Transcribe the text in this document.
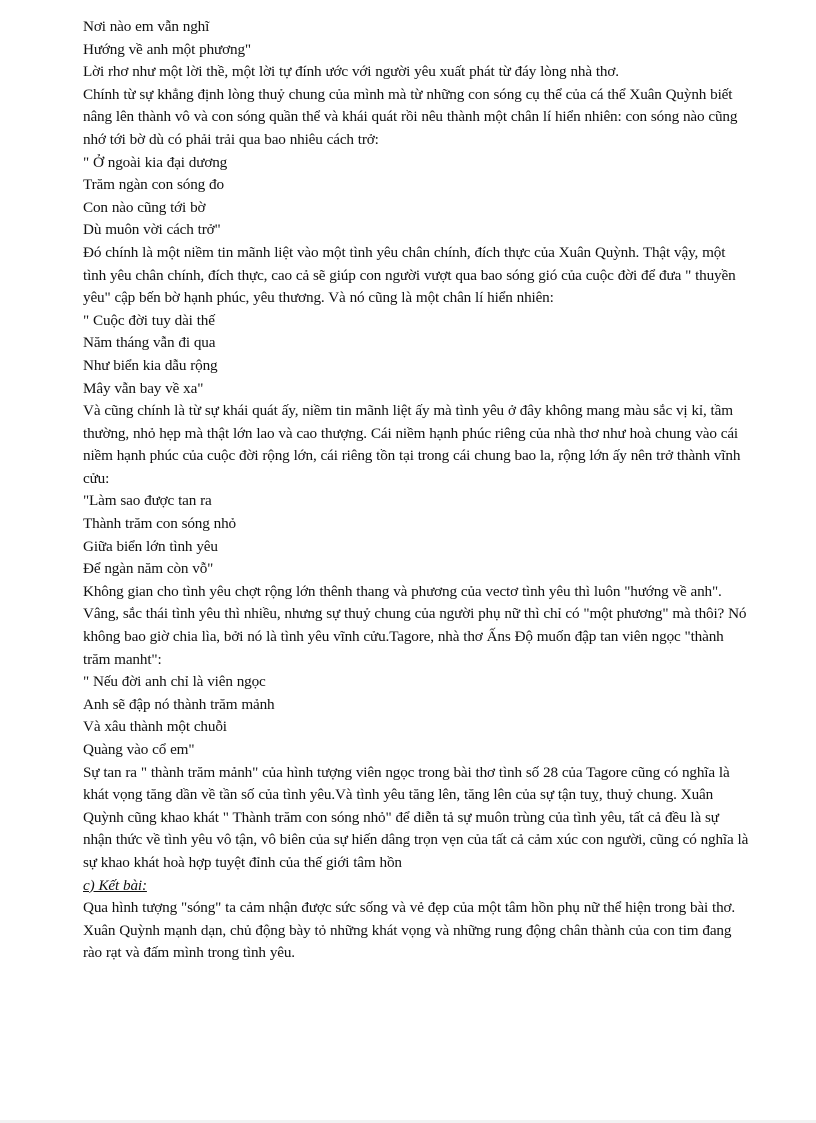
Nơi nào em vẫn nghĩ
Hướng về anh một phương"
Lời rhơ như một lời thề, một lời tự đính ước với người yêu xuất phát từ đáy lòng nhà thơ.
Chính từ sự khẳng định lòng thuỷ chung của mình mà từ những con sóng cụ thể của cá thể Xuân Quỳnh biết nâng lên thành vô và con sóng quần thể và khái quát rồi nêu thành một chân lí hiển nhiên: con sóng nào cũng nhớ tới bờ dù có phải trải qua bao nhiêu cách trở:
" Ở ngoài kia đại dương
Trăm ngàn con sóng đo
Con nào cũng tới bờ
Dù muôn vời cách trở"
Đó chính là một niềm tin mãnh liệt vào một tình yêu chân chính, đích thực của Xuân Quỳnh. Thật vậy, một tình yêu chân chính, đích thực, cao cả sẽ giúp con người vượt qua bao sóng gió của cuộc đời để đưa " thuyền yêu" cập bến bờ hạnh phúc, yêu thương. Và nó cũng là một chân lí hiển nhiên:
" Cuộc đời tuy dài thế
Năm tháng vẫn đi qua
Như biển kia dẫu rộng
Mây vẫn bay về xa"
Và cũng chính là từ sự khái quát ấy, niềm tin mãnh liệt ấy mà tình yêu ở đây không mang màu sắc vị kỉ, tầm thường, nhỏ hẹp mà thật lớn lao và cao thượng. Cái niềm hạnh phúc riêng của nhà thơ như hoà chung vào cái niềm hạnh phúc của cuộc đời rộng lớn, cái riêng tồn tại trong cái chung bao la, rộng lớn ấy nên trở thành vĩnh cửu:
"Làm sao được tan ra
Thành trăm con sóng nhỏ
Giữa biển lớn tình yêu
Để ngàn năm còn vỗ"
Không gian cho tình yêu chợt rộng lớn thênh thang và phương của vectơ tình yêu thì luôn "hướng về anh". Vâng, sắc thái tình yêu thì nhiều, nhưng sự thuỷ chung của người phụ nữ thì chỉ có "một phương" mà thôi? Nó không bao giờ chia lìa, bởi nó là tình yêu vĩnh cửu.Tagore, nhà thơ Ấns Độ muốn đập tan viên ngọc "thành trăm manht":
" Nếu đời anh chỉ là viên ngọc
Anh sẽ đập nó thành trăm mảnh
Và xâu thành một chuỗi
Quàng vào cổ em"
Sự tan ra " thành trăm mảnh" của hình tượng viên ngọc trong bài thơ tình số 28 của Tagore cũng có nghĩa là khát vọng tăng dần về tần số của tình yêu.Và tình yêu tăng lên, tăng lên của sự tận tuỵ, thuỷ chung. Xuân Quỳnh cũng khao khát " Thành trăm con sóng nhỏ" để diễn tả sự muôn trùng của tình yêu, tất cả đều là sự nhận thức về tình yêu vô tận, vô biên của sự hiến dâng trọn vẹn của tất cả cảm xúc con người, cũng có nghĩa là sự khao khát hoà hợp tuyệt đỉnh của thế giới tâm hồn
c) Kết bài:
Qua hình tượng "sóng" ta cảm nhận được sức sống và vẻ đẹp của một tâm hồn phụ nữ thể hiện trong bài thơ. Xuân Quỳnh mạnh dạn, chủ động bày tỏ những khát vọng và những rung động chân thành của con tim đang rào rạt và đấm mình trong tình yêu.
